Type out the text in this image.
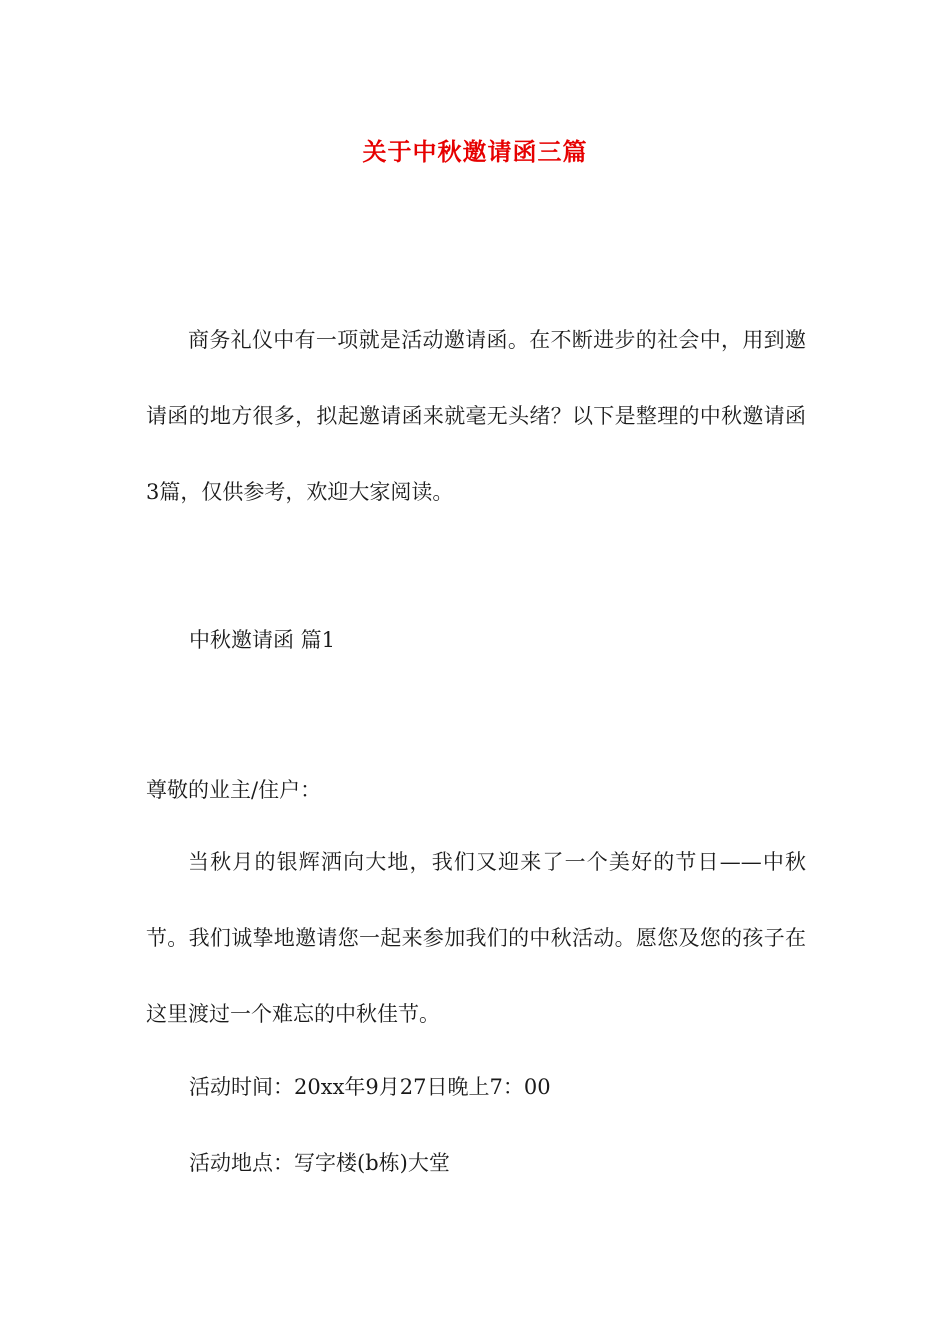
关于中秋邀请函三篇

商务礼仪中有一项就是活动邀请函。在不断进步的社会中，用到邀请函的地方很多，拟起邀请函来就毫无头绪？以下是整理的中秋邀请函3篇，仅供参考，欢迎大家阅读。

中秋邀请函 篇1
尊敬的业主/住户：

当秋月的银辉洒向大地，我们又迎来了一个美好的节日——中秋节。我们诚挚地邀请您一起来参加我们的中秋活动。愿您及您的孩子在这里渡过一个难忘的中秋佳节。

活动时间：20xx年9月27日晚上7：00
活动地点：写字楼(b栋)大堂
